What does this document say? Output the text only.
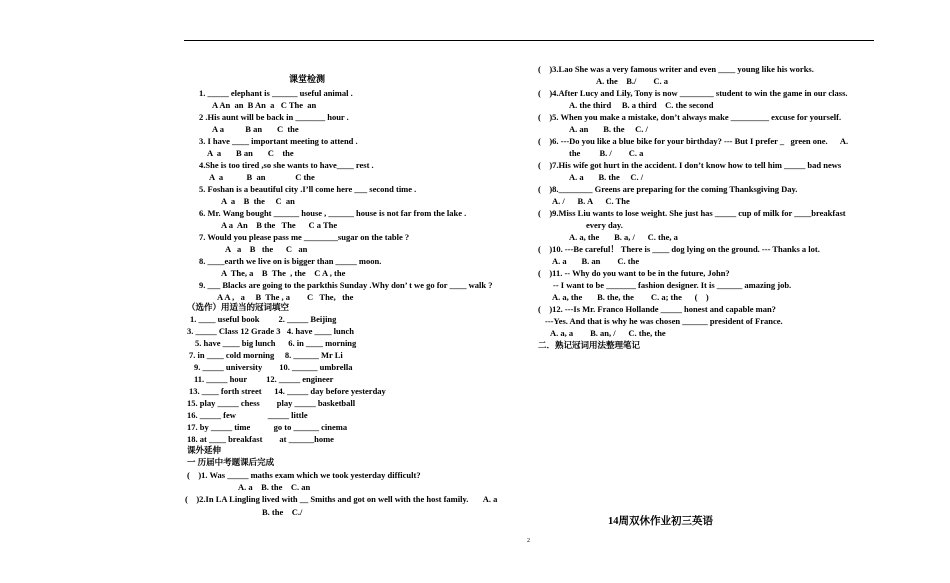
课堂检测
1. _____ elephant is ______ useful animal .
A An  an  B An  a   C The  an
2 .His aunt will be back in _______ hour .
A a          B an       C  the
3. I have ____ important meeting to attend .
A  a       B an       C    the
4.She is too tired ,so she wants to have____ rest .
A  a           B  an              C the
5. Foshan is a beautiful city .I’ll come here ___ second time .
A  a    B  the     C  an
6. Mr. Wang bought ______ house , ______ house is not far from the lake .
A a  An    B the   The      C a The
7. Would you please pass me ________sugar on the table ?
A   a    B   the      C   an
8. ____earth we live on is bigger than _____ moon.
A  The, a    B  The  , the    C A , the
9. ___ Blacks are going to the parkthis Sunday .Why don’ t we go for ____ walk ?
A A ,   a     B  The , a        C   The,   the
（选作）用适当的冠词填空
1. ____ useful book         2. _____ Beijing
3. _____ Class 12 Grade 3   4. have ____ lunch
5. have ____ big lunch      6. in ____ morning
7. in ____ cold morning     8. ______ Mr Li
9. _____ university        10. ______ umbrella
11. _____ hour         12. _____ engineer
13. ____ forth street      14. _____ day before yesterday
15. play _____ chess        play _____ basketball
16. _____ few               _____ little
17. by _____ time           go to ______ cinema
18. at ____ breakfast        at ______home
课外延伸
一 历届中考题课后完成
(    )1. Was _____ maths exam which we took yesterday difficult?
A. a    B. the    C. an
(    )2.In LA Lingling lived with __ Smiths and got on well with the host family.       A. a
B. the    C./
(    )3.Lao She was a very famous writer and even ____ young like his works.
A. the    B./        C. a
(    )4.After Lucy and Lily, Tony is now ________ student to win the game in our class.
A. the third     B. a third    C. the second
(    )5. When you make a mistake, don’t always make _________ excuse for yourself.
A. an       B. the     C. /
(    )6. ---Do you like a blue bike for your birthday? --- But I prefer _   green one.      A.
the         B. /        C. a
(    )7.His wife got hurt in the accident. I don’t know how to tell him _____ bad news
A. a       B. the     C. /
(    )8.________ Greens are preparing for the coming Thanksgiving Day.
A. /      B. A      C. The
(    )9.Miss Liu wants to lose weight. She just has _____ cup of milk for ____breakfast
every day.
A. a, the       B. a, /      C. the, a
(    )10. ---Be careful！ There is ____ dog lying on the ground. --- Thanks a lot.
A. a       B. an        C. the
(    )11. -- Why do you want to be in the future, John?
-- I want to be _______ fashion designer. It is ______ amazing job.
A. a, the       B. the, the        C. a; the      (    )
(    )12. ---Is Mr. Franco Hollande _____ honest and capable man?
---Yes. And that is why he was chosen ______ president of France.
A. a, a        B. an, /      C. the, the
二．熟记冠词用法整理笔记
14周双休作业初三英语
2
